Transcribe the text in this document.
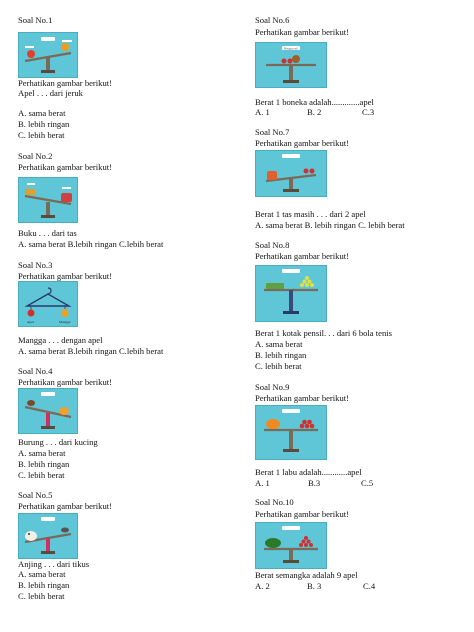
Soal No.1
Perhatikan gambar berikut!
Apel . . . dari jeruk
A. sama berat
B. lebih ringan
C. lebih berat
Soal No.2
Perhatikan gambar berikut!
Buku . . . dari tas
A. sama berat B.lebih ringan C.lebih berat
Soal No.3
Perhatikan gambar berikut!
Apel	Mangga
Mangga . . . dengan apel
A. sama berat B.lebih ringan C.lebih berat
Soal No.4
Perhatikan gambar berikut!
Burung . . . dari kucing
A. sama berat
B. lebih ringan
C. lebih berat
Soal No.5
Perhatikan gambar berikut!
Anjing . . . dari tikus
A. sama berat
B. lebih ringan
C. lebih berat
Soal No.6
Perhatikan gambar berikut!
Mengapa ini?
Berat 1 boneka adalah.............apel
A. 1	B. 2	C.3
Soal No.7
Perhatikan gambar berikut!
Berat 1 tas masih . . . dari 2 apel
A. sama berat B. lebih ringan C. lebih berat
Soal No.8
Perhatikan gambar berikut!
Berat 1 kotak pensil. . . dari 6 bola tenis
A. sama berat
B. lebih ringan
C. lebih berat
Soal No.9
Perhatikan gambar berikut!
Berat 1 labu adalah............apel
A. 1	B.3	C.5
Soal No.10
Perhatikan gambar berikut!
Berat semangka adalah 9 apel
A. 2	B. 3	C.4
